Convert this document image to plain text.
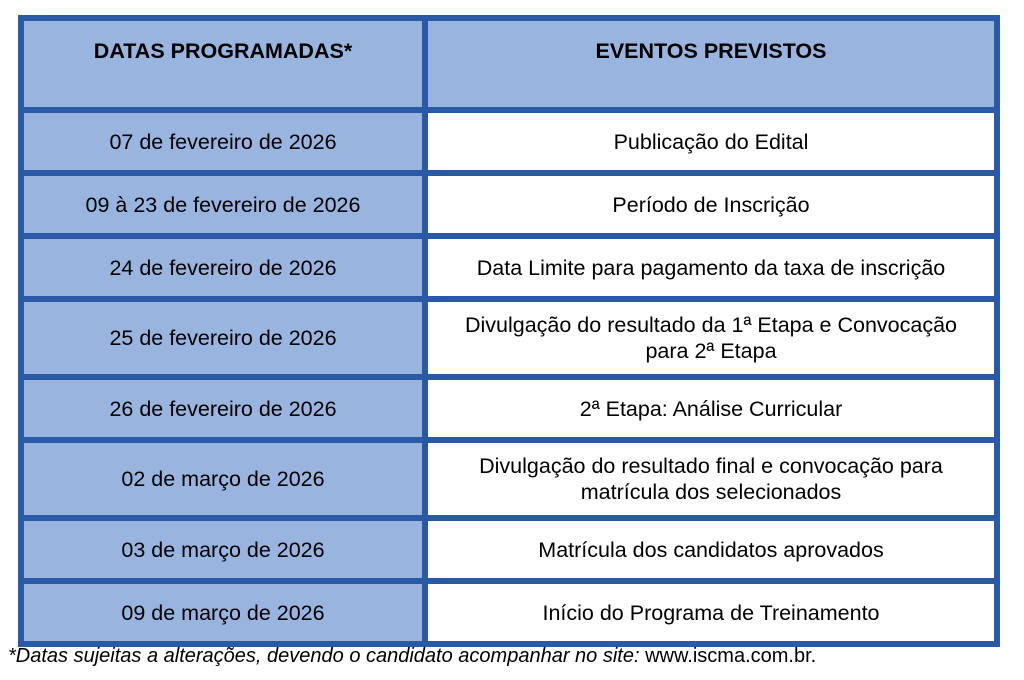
DATAS PROGRAMADAS*	EVENTOS PREVISTOS
07 de fevereiro de 2026	Publicação do Edital

09 à 23 de fevereiro de 2026	Período de Inscrição

24 de fevereiro de 2026	Data Limite para pagamento da taxa de inscrição

25 de fevereiro de 2026	Divulgação do resultado da 1ª Etapa e Convocação
para 2ª Etapa

26 de fevereiro de 2026	2ª Etapa: Análise Curricular

02 de março de 2026	Divulgação do resultado final e convocação para
matrícula dos selecionados

03 de março de 2026	Matrícula dos candidatos aprovados

09 de março de 2026	Início do Programa de Treinamento
*Datas sujeitas a alterações, devendo o candidato acompanhar no site: www.iscma.com.br.
